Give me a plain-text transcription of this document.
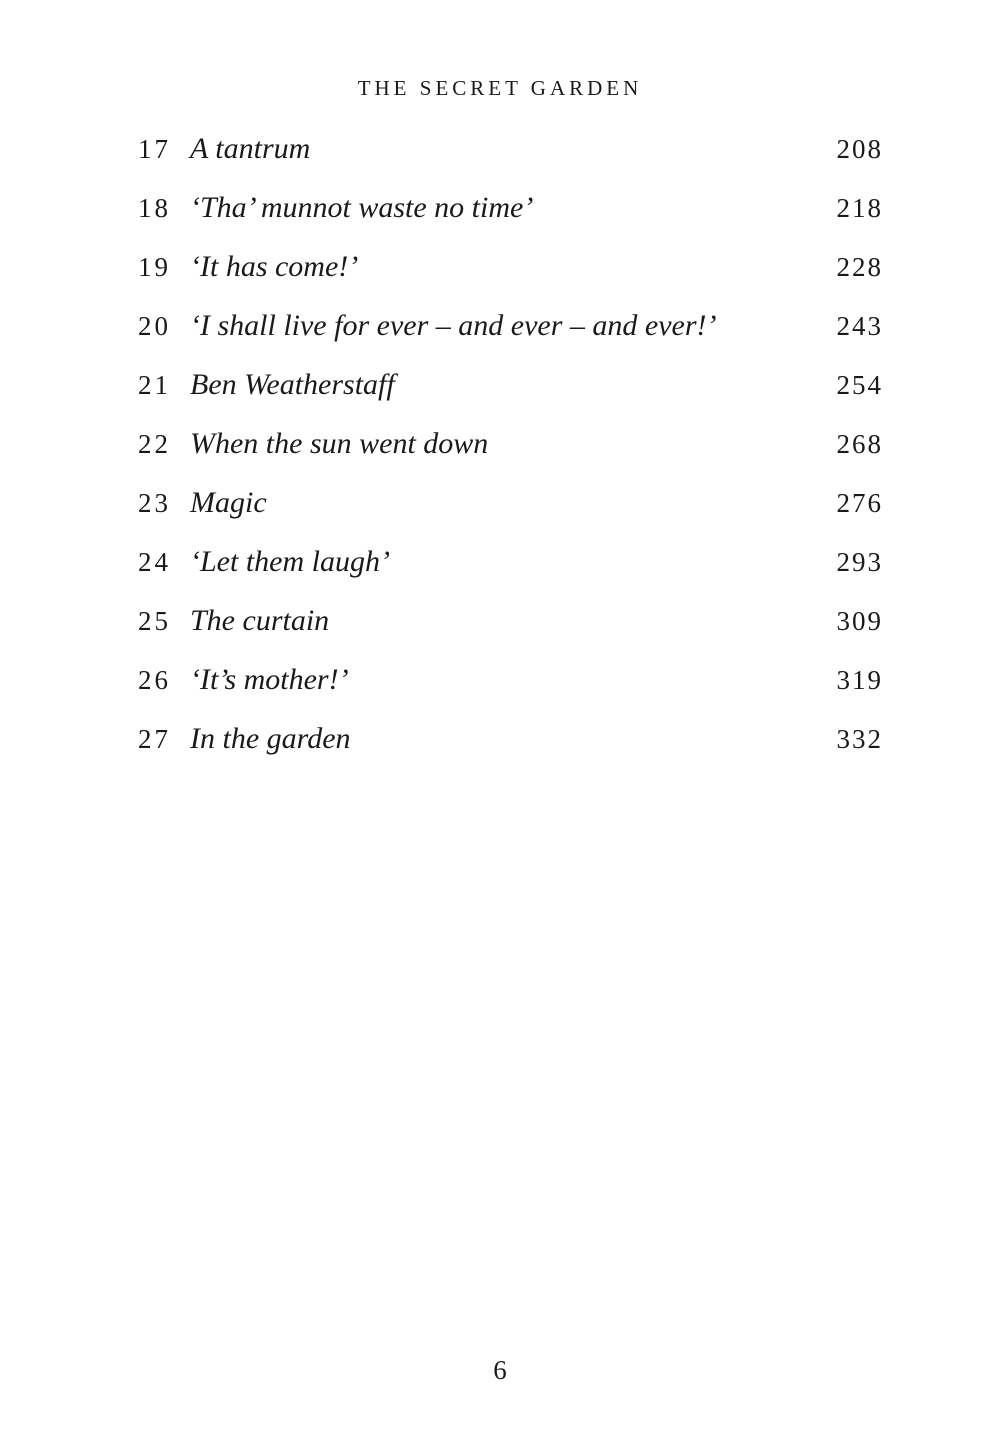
THE SECRET GARDEN
17 A tantrum	208
18 ‘Tha’ munnot waste no time’	218
19 ‘It has come!’	228
20 ‘I shall live for ever – and ever – and ever!’	243
21 Ben Weatherstaff	254
22 When the sun went down	268
23 Magic	276
24 ‘Let them laugh’	293
25 The curtain	309
26 ‘It’s mother!’	319
27 In the garden	332
6
